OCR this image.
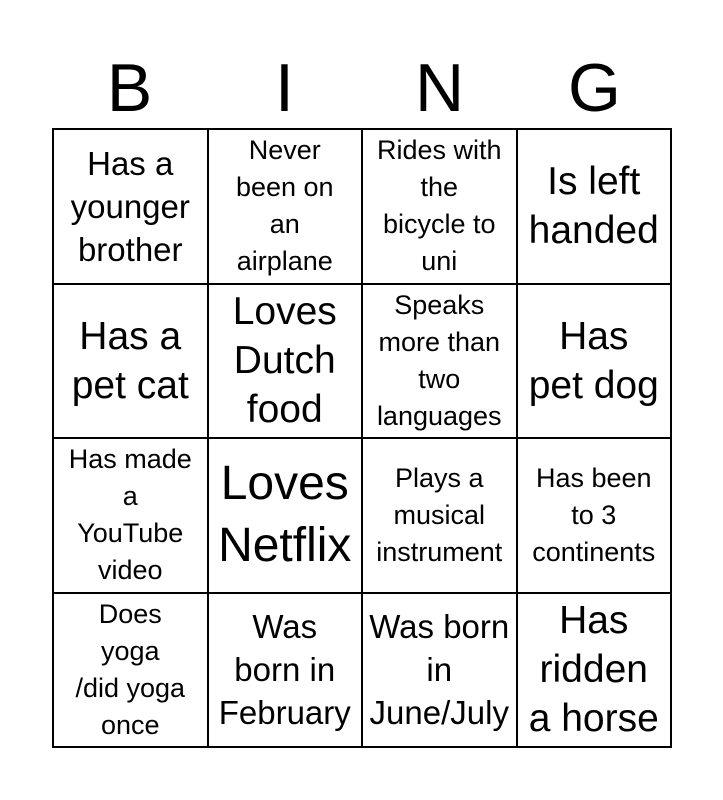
B	I	N	G
Has a
younger
brother
Never
been on
an
airplane
Rides with
the
bicycle to
uni
Is left
handed
Has a
pet cat
Loves
Dutch
food
Speaks
more than
two
languages
Has
pet dog
Has made
a
YouTube
video
Loves
Netflix
Plays a
musical
instrument
Has been
to 3
continents
Does
yoga
/did yoga
once
Was
born in
February
Was born
in
June/July
Has
ridden
a horse
